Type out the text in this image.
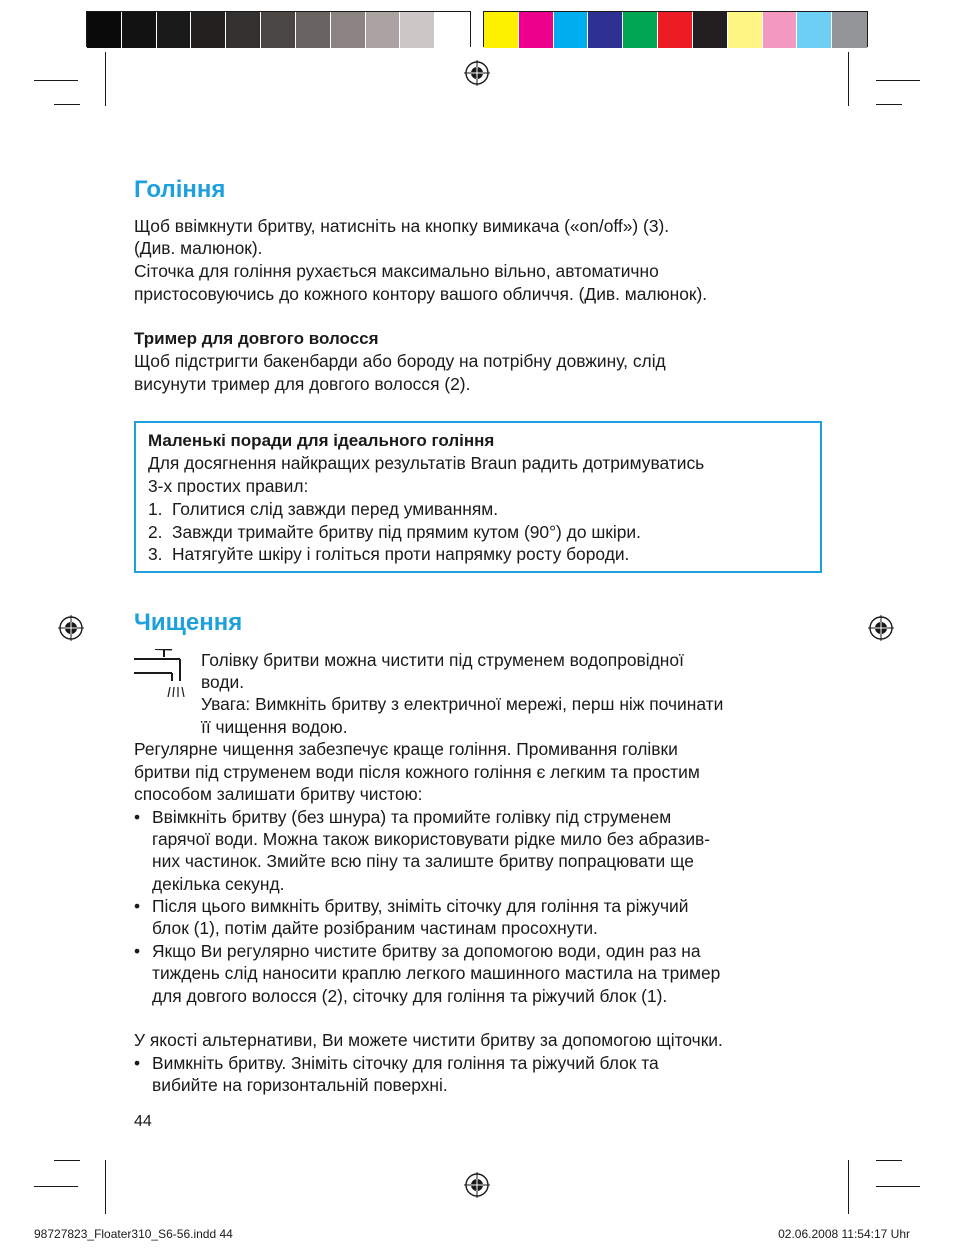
Гоління
Щоб ввімкнути бритву, натисніть на кнопку вимикача («on/off») (3).
(Див. малюнок).
Сіточка для гоління рухається максимально вільно, автоматично
пристосовуючись до кожного контору вашого обличчя. (Див. малюнок).
Тример для довгого волосся
Щоб підстригти бакенбарди або бороду на потрібну довжину, слід
висунути тример для довгого волосся (2).
Маленькі поради для ідеального гоління
Для досягнення найкращих результатів Braun радить дотримуватись
3-х простих правил:
1. Голитися слід завжди перед умиванням.
2. Завжди тримайте бритву під прямим кутом (90°) до шкіри.
3. Натягуйте шкіру і голіться проти напрямку росту бороди.
Чищення
Голівку бритви можна чистити під струменем водопровідної
води.
Увага: Вимкніть бритву з електричної мережі, перш ніж починати
її чищення водою.
Регулярне чищення забезпечує краще гоління. Промивання голівки
бритви під струменем води після кожного гоління є легким та простим
способом залишати бритву чистою:
• Ввімкніть бритву (без шнура) та промийте голівку під струменем
гарячої води. Можна також використовувати рідке мило без абразив-
них частинок. Змийте всю піну та залиште бритву попрацювати ще
декілька секунд.
• Після цього вимкніть бритву, зніміть сіточку для гоління та ріжучий
блок (1), потім дайте розібраним частинам просохнути.
• Якщо Ви регулярно чистите бритву за допомогою води, один раз на
тиждень слід наносити краплю легкого машинного мастила на тример
для довгого волосся (2), сіточку для гоління та ріжучий блок (1).
У якості альтернативи, Ви можете чистити бритву за допомогою щіточки.
• Вимкніть бритву. Зніміть сіточку для гоління та ріжучий блок та
вибийте на горизонтальній поверхні.
44
98727823_Floater310_S6-56.indd 44	02.06.2008 11:54:17 Uhr
